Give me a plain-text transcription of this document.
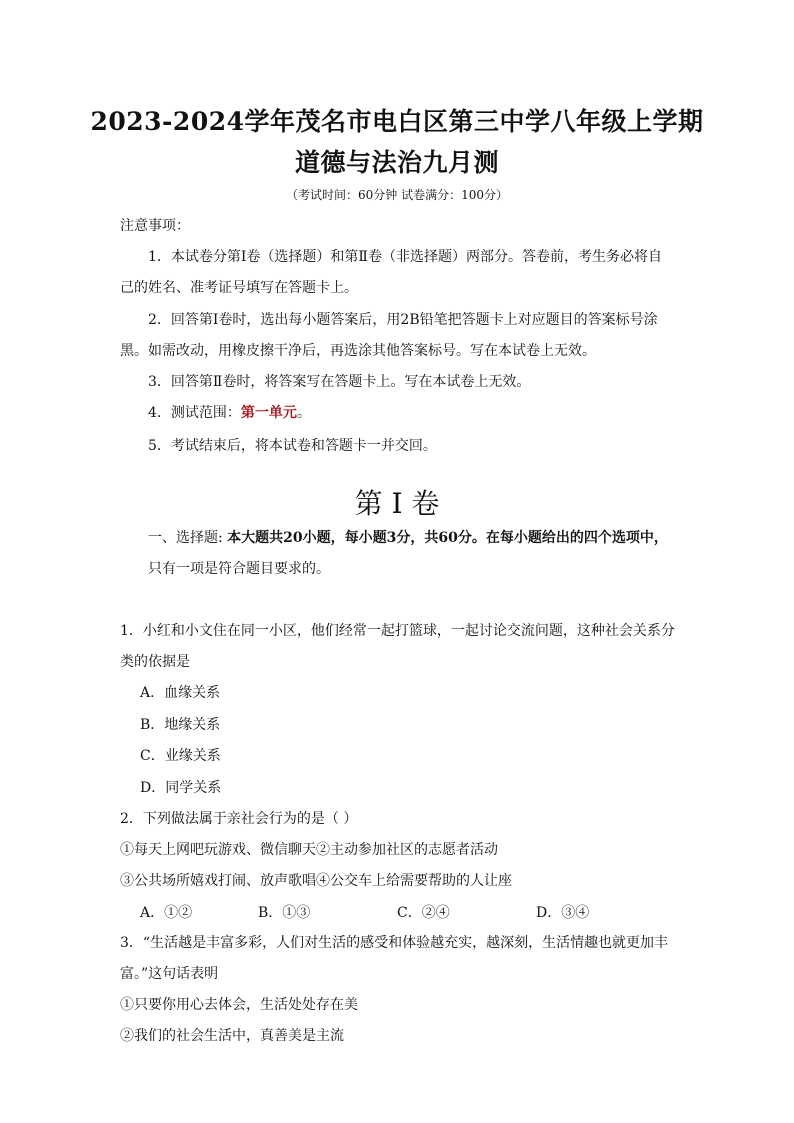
2023-2024学年茂名市电白区第三中学八年级上学期
道德与法治九月测
（考试时间：60分钟 试卷满分：100分）
注意事项：
1．本试卷分第Ⅰ卷（选择题）和第Ⅱ卷（非选择题）两部分。答卷前，考生务必将自
己的姓名、准考证号填写在答题卡上。
2．回答第Ⅰ卷时，选出每小题答案后，用2B铅笔把答题卡上对应题目的答案标号涂
黑。如需改动，用橡皮擦干净后，再选涂其他答案标号。写在本试卷上无效。
3．回答第Ⅱ卷时，将答案写在答题卡上。写在本试卷上无效。
4．测试范围：第一单元。
5．考试结束后，将本试卷和答题卡一并交回。
第 I 卷
一、选择题: 本大题共20小题，每小题3分，共60分。在每小题给出的四个选项中，
只有一项是符合题目要求的。
1．小红和小文住在同一小区，他们经常一起打篮球，一起讨论交流问题，这种社会关系分
类的依据是
A．血缘关系
B．地缘关系
C．业缘关系
D．同学关系
2．下列做法属于亲社会行为的是（ ）
①每天上网吧玩游戏、微信聊天②主动参加社区的志愿者活动
③公共场所嬉戏打闹、放声歌唱④公交车上给需要帮助的人让座
A．①②	B．①③	C．②④	D．③④
3．“生活越是丰富多彩，人们对生活的感受和体验越充实，越深刻，生活情趣也就更加丰
富。”这句话表明
①只要你用心去体会，生活处处存在美
②我们的社会生活中，真善美是主流
